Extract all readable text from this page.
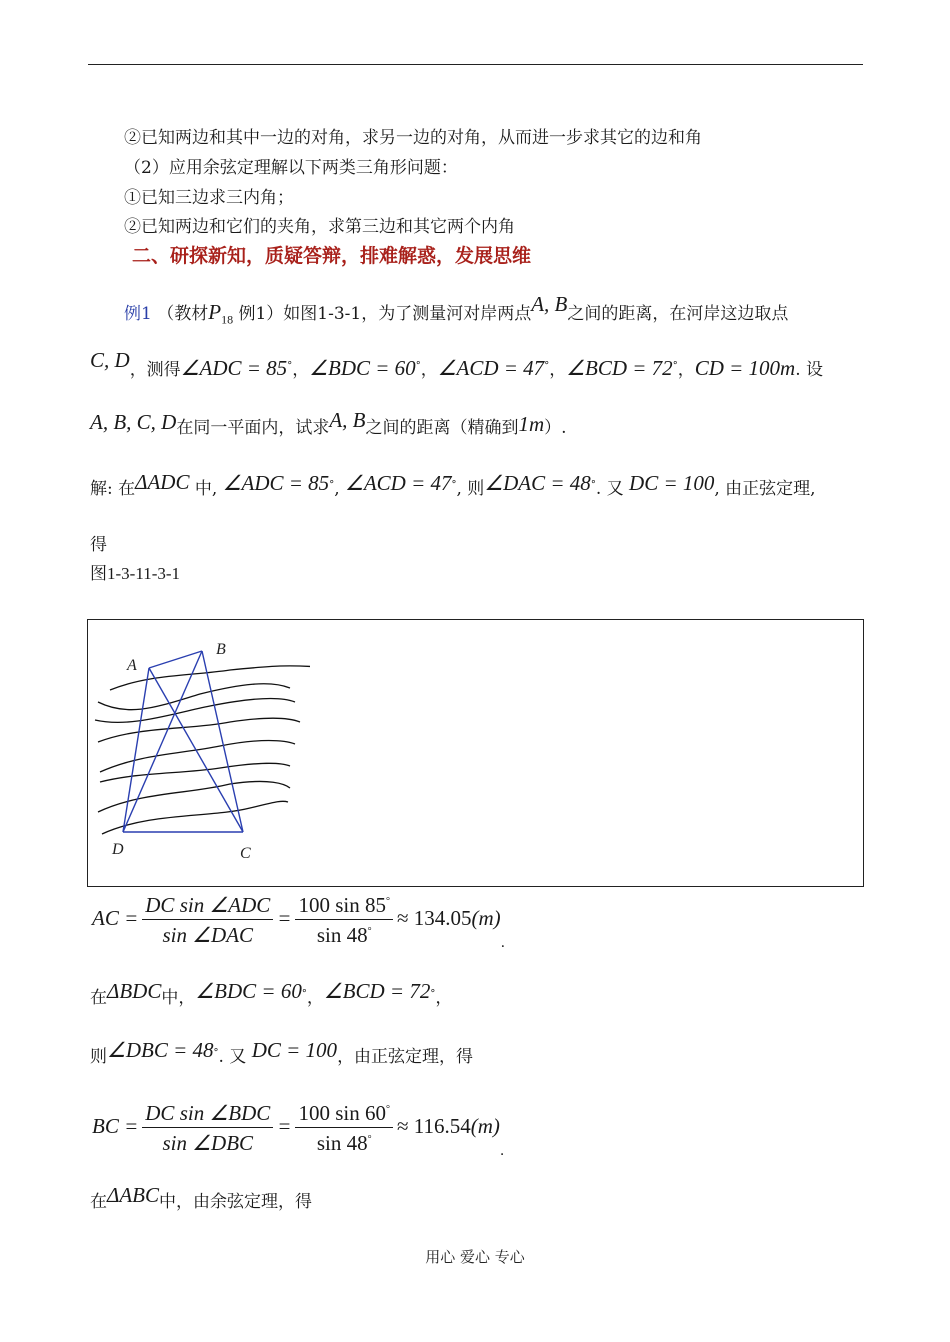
②已知两边和其中一边的对角，求另一边的对角，从而进一步求其它的边和角
（2）应用余弦定理解以下两类三角形问题：
①已知三边求三内角；
②已知两边和它们的夹角，求第三边和其它两个内角
二、研探新知，质疑答辩，排难解惑，发展思维
例1 （教材$P_{18}$ 例1）如图1-3-1，为了测量河对岸两点A, B之间的距离，在河岸这边取点
C, D，测得∠ADC = 85°，∠BDC = 60°，∠ACD = 47°，∠BCD = 72°，CD = 100m. 设
A, B, C, D在同一平面内，试求A, B之间的距离（精确到1m）.
解: 在ΔADC 中, ∠ADC = 85°, ∠ACD = 47°, 则∠DAC = 48°. 又 DC = 100, 由正弦定理,
得
图1-3-11-3-1
A
B
C
D
AC = $\frac{\text{DC sin ∠ADC}}{\text{sin ∠DAC}} = \frac{100 \sin 85^\circ}{\sin 48^\circ} \approx 134.05(m)_.$
在ΔBDC中，∠BDC = 60°，∠BCD = 72°，
则∠DBC = 48°. 又 DC = 100，由正弦定理，得
BC = $\frac{\text{DC sin ∠BDC}}{\text{sin ∠DBC}} = \frac{100 \sin 60^\circ}{\sin 48^\circ} \approx 116.54(m)_.$
在ΔABC中，由余弦定理，得
用心 爱心 专心
